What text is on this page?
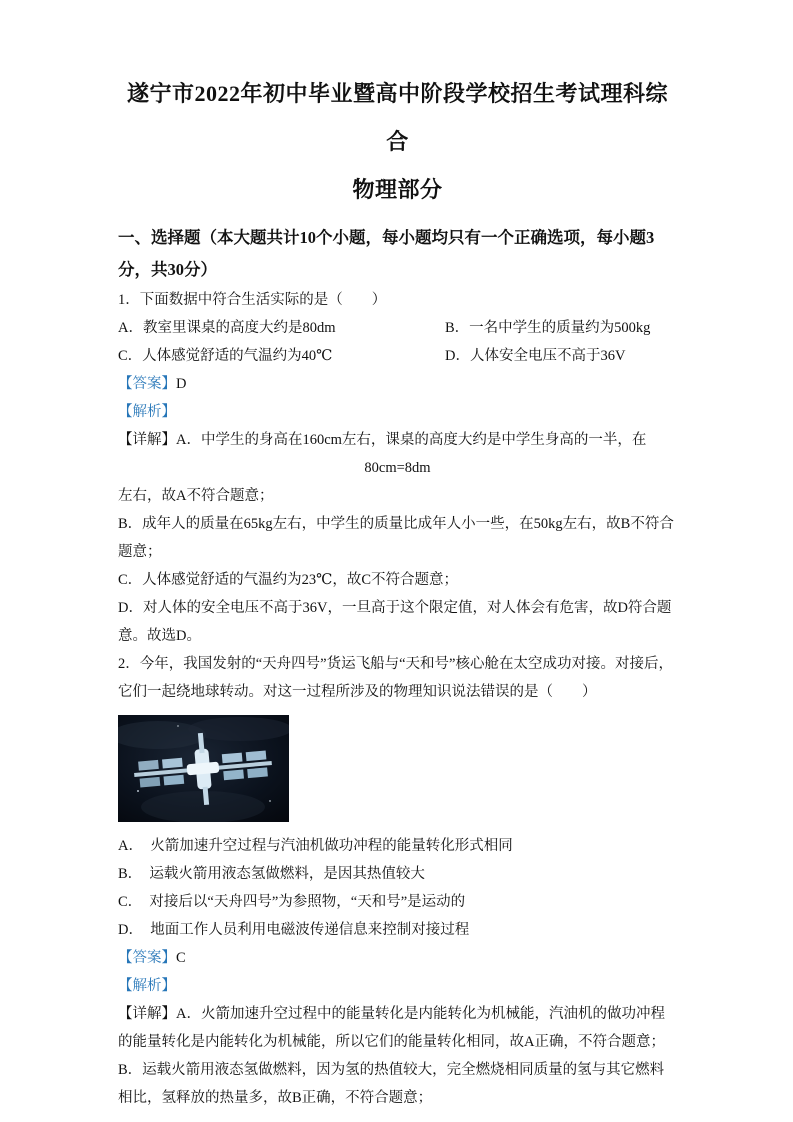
遂宁市2022年初中毕业暨高中阶段学校招生考试理科综合
物理部分

一、选择题（本大题共计10个小题，每小题均只有一个正确选项，每小题3分，共30分）

1．下面数据中符合生活实际的是（　　）

A．教室里课桌的高度大约是80dm	B．一名中学生的质量约为500kg

C．人体感觉舒适的气温约为40℃	D．人体安全电压不高于36V

【答案】D

【解析】

【详解】A．中学生的身高在160cm左右，课桌的高度大约是中学生身高的一半，在

80cm=8dm

左右，故A不符合题意；

B．成年人的质量在65kg左右，中学生的质量比成年人小一些，在50kg左右，故B不符合题意；

C．人体感觉舒适的气温约为23℃，故C不符合题意；

D．对人体的安全电压不高于36V，一旦高于这个限定值，对人体会有危害，故D符合题意。故选D。

2．今年，我国发射的“天舟四号”货运飞船与“天和号”核心舱在太空成功对接。对接后，它们一起绕地球转动。对这一过程所涉及的物理知识说法错误的是（　　）

A． 火箭加速升空过程与汽油机做功冲程的能量转化形式相同

B． 运载火箭用液态氢做燃料，是因其热值较大

C． 对接后以“天舟四号”为参照物，“天和号”是运动的

D． 地面工作人员利用电磁波传递信息来控制对接过程

【答案】C

【解析】

【详解】A．火箭加速升空过程中的能量转化是内能转化为机械能，汽油机的做功冲程的能量转化是内能转化为机械能，所以它们的能量转化相同，故A正确，不符合题意；

B．运载火箭用液态氢做燃料，因为氢的热值较大，完全燃烧相同质量的氢与其它燃料相比，氢释放的热量多，故B正确，不符合题意；
